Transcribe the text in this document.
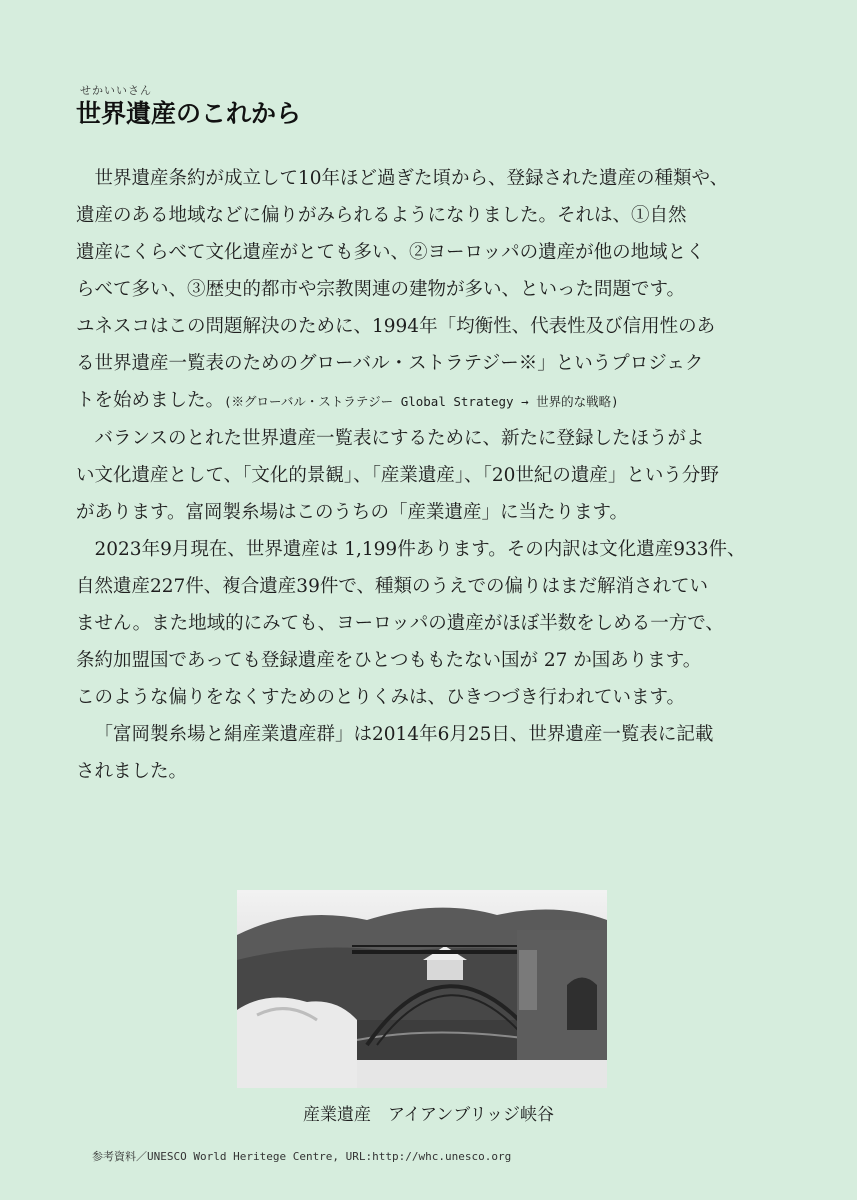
せかいいさん
世界遺産のこれから

世界遺産条約が成立して10年ほど過ぎた頃から、登録された遺産の種類や、
遺産のある地域などに偏りがみられるようになりました。それは、①自然
遺産にくらべて文化遺産がとても多い、②ヨーロッパの遺産が他の地域とく
らべて多い、③歴史的都市や宗教関連の建物が多い、といった問題です。
ユネスコはこの問題解決のために、1994年「均衡性、代表性及び信用性のあ
る世界遺産一覧表のためのグローバル・ストラテジー※」というプロジェク
トを始めました。(※グローバル・ストラテジー Global Strategy → 世界的な戦略)

バランスのとれた世界遺産一覧表にするために、新たに登録したほうがよ
い文化遺産として、「文化的景観」、「産業遺産」、「20世紀の遺産」という分野
があります。富岡製糸場はこのうちの「産業遺産」に当たります。

2023年9月現在、世界遺産は 1,199件あります。その内訳は文化遺産933件、
自然遺産227件、複合遺産39件で、種類のうえでの偏りはまだ解消されてい
ません。また地域的にみても、ヨーロッパの遺産がほぼ半数をしめる一方で、
条約加盟国であっても登録遺産をひとつももたない国が 27 か国あります。
このような偏りをなくすためのとりくみは、ひきつづき行われています。

「富岡製糸場と絹産業遺産群」は2014年6月25日、世界遺産一覧表に記載
されました。

産業遺産　アイアンブリッジ峡谷
参考資料／UNESCO World Heritege Centre, URL:http://whc.unesco.org
